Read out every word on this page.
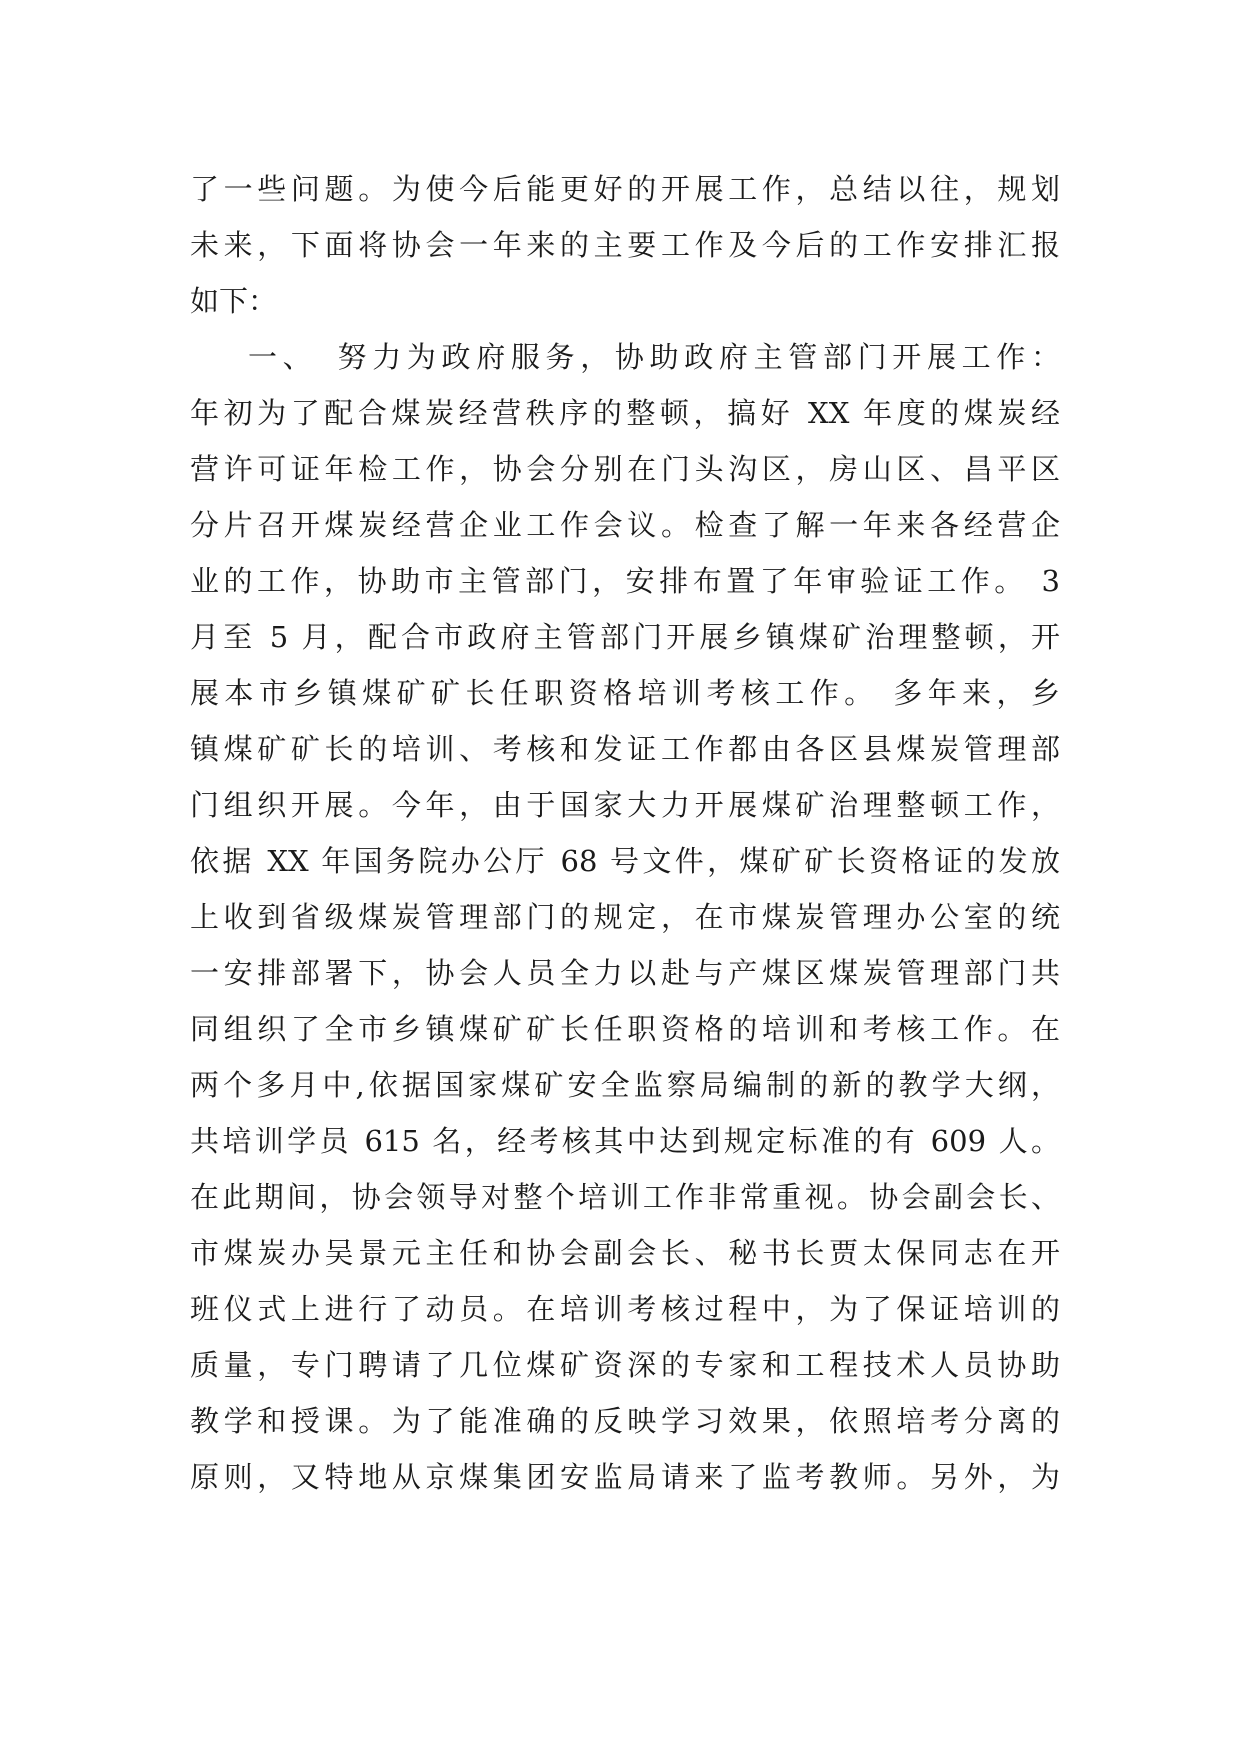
了一些问题。为使今后能更好的开展工作，总结以往，规划
未来，下面将协会一年来的主要工作及今后的工作安排汇报
如下：
一、　努力为政府服务，协助政府主管部门开展工作：
年初为了配合煤炭经营秩序的整顿，搞好 XX 年度的煤炭经
营许可证年检工作，协会分别在门头沟区，房山区、昌平区
分片召开煤炭经营企业工作会议。检查了解一年来各经营企
业的工作，协助市主管部门，安排布置了年审验证工作。 3
月至 5 月，配合市政府主管部门开展乡镇煤矿治理整顿，开
展本市乡镇煤矿矿长任职资格培训考核工作。 多年来，乡
镇煤矿矿长的培训、考核和发证工作都由各区县煤炭管理部
门组织开展。今年，由于国家大力开展煤矿治理整顿工作，
依据 XX 年国务院办公厅 68 号文件，煤矿矿长资格证的发放
上收到省级煤炭管理部门的规定，在市煤炭管理办公室的统
一安排部署下，协会人员全力以赴与产煤区煤炭管理部门共
同组织了全市乡镇煤矿矿长任职资格的培训和考核工作。在
两个多月中,依据国家煤矿安全监察局编制的新的教学大纲，
共培训学员 615 名，经考核其中达到规定标准的有 609 人。
在此期间，协会领导对整个培训工作非常重视。协会副会长、
市煤炭办吴景元主任和协会副会长、秘书长贾太保同志在开
班仪式上进行了动员。在培训考核过程中，为了保证培训的
质量，专门聘请了几位煤矿资深的专家和工程技术人员协助
教学和授课。为了能准确的反映学习效果，依照培考分离的
原则，又特地从京煤集团安监局请来了监考教师。另外，为
